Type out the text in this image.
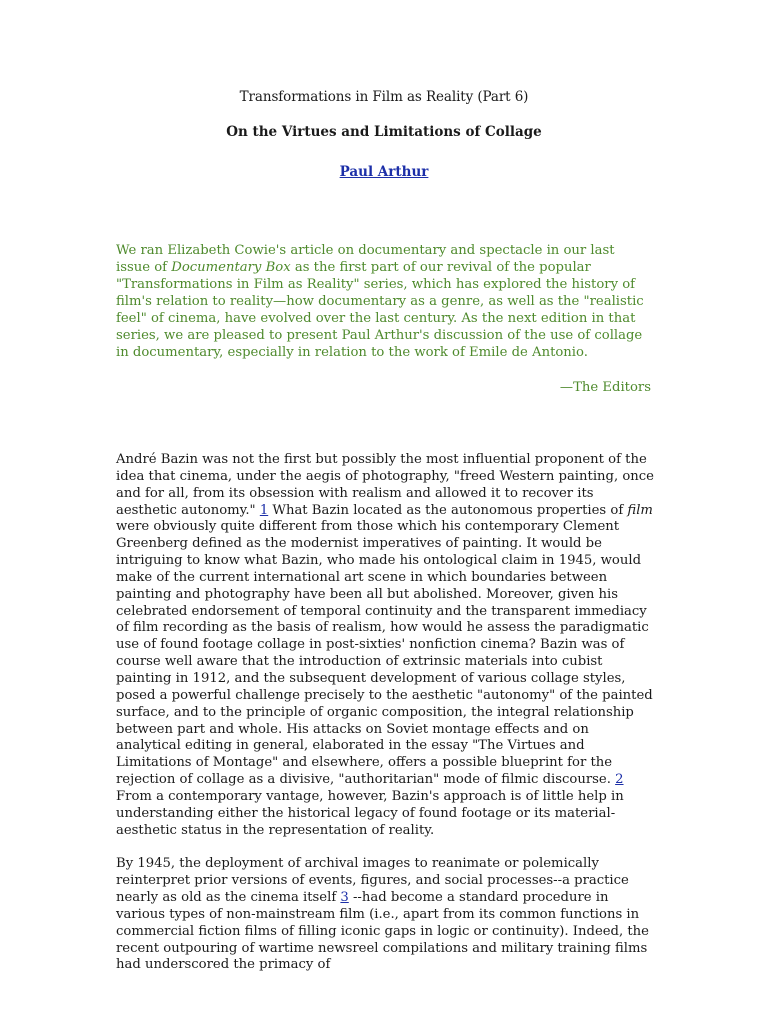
Transformations in Film as Reality (Part 6)
On the Virtues and Limitations of Collage
Paul Arthur
We ran Elizabeth Cowie's article on documentary and spectacle in our last issue of Documentary Box as the first part of our revival of the popular "Transformations in Film as Reality" series, which has explored the history of film's relation to reality—how documentary as a genre, as well as the "realistic feel" of cinema, have evolved over the last century. As the next edition in that series, we are pleased to present Paul Arthur's discussion of the use of collage in documentary, especially in relation to the work of Emile de Antonio.
—The Editors

André Bazin was not the first but possibly the most influential proponent of the idea that cinema, under the aegis of photography, "freed Western painting, once and for all, from its obsession with realism and allowed it to recover its aesthetic autonomy." 1 What Bazin located as the autonomous properties of film were obviously quite different from those which his contemporary Clement Greenberg defined as the modernist imperatives of painting. It would be intriguing to know what Bazin, who made his ontological claim in 1945, would make of the current international art scene in which boundaries between painting and photography have been all but abolished. Moreover, given his celebrated endorsement of temporal continuity and the transparent immediacy of film recording as the basis of realism, how would he assess the paradigmatic use of found footage collage in post-sixties' nonfiction cinema? Bazin was of course well aware that the introduction of extrinsic materials into cubist painting in 1912, and the subsequent development of various collage styles, posed a powerful challenge precisely to the aesthetic "autonomy" of the painted surface, and to the principle of organic composition, the integral relationship between part and whole. His attacks on Soviet montage effects and on analytical editing in general, elaborated in the essay "The Virtues and Limitations of Montage" and elsewhere, offers a possible blueprint for the rejection of collage as a divisive, "authoritarian" mode of filmic discourse. 2 From a contemporary vantage, however, Bazin's approach is of little help in understanding either the historical legacy of found footage or its material-aesthetic status in the representation of reality.

By 1945, the deployment of archival images to reanimate or polemically reinterpret prior versions of events, figures, and social processes--a practice nearly as old as the cinema itself 3 --had become a standard procedure in various types of non-mainstream film (i.e., apart from its common functions in commercial fiction films of filling iconic gaps in logic or continuity). Indeed, the recent outpouring of wartime newsreel compilations and military training films had underscored the primacy of
